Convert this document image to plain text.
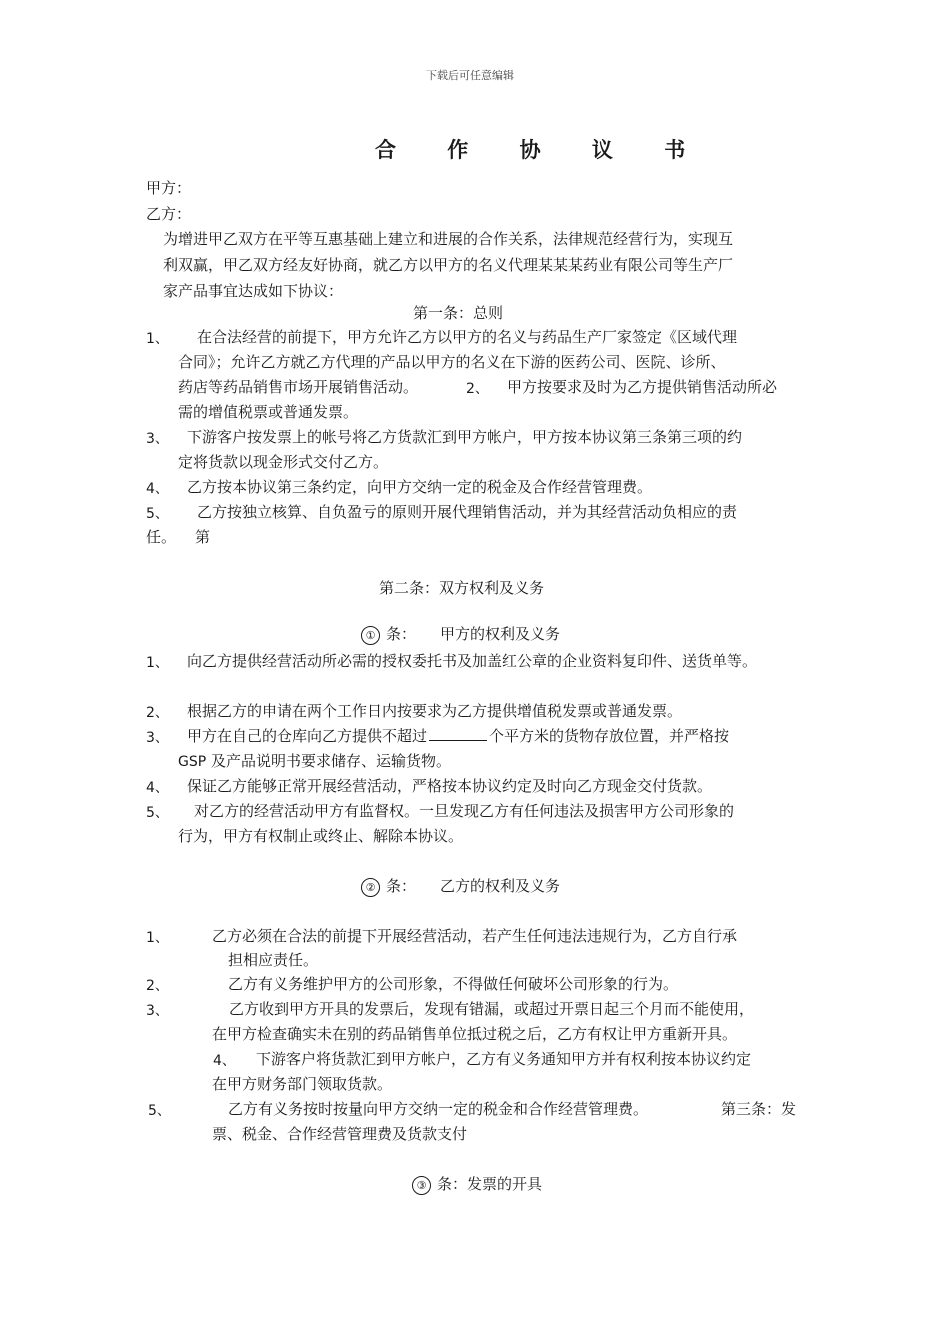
下载后可任意编辑
合 作 协 议 书
甲方：
乙方：
为增进甲乙双方在平等互惠基础上建立和进展的合作关系，法律规范经营行为，实现互
利双赢，甲乙双方经友好协商，就乙方以甲方的名义代理某某某药业有限公司等生产厂
家产品事宜达成如下协议：
第一条：总则
1、 在合法经营的前提下，甲方允许乙方以甲方的名义与药品生产厂家签定《区域代理
合同》；允许乙方就乙方代理的产品以甲方的名义在下游的医药公司、医院、诊所、
药店等药品销售市场开展销售活动。	2、 甲方按要求及时为乙方提供销售活动所必
需的增值税票或普通发票。
3、 下游客户按发票上的帐号将乙方货款汇到甲方帐户，甲方按本协议第三条第三项的约
定将货款以现金形式交付乙方。
4、 乙方按本协议第三条约定，向甲方交纳一定的税金及合作经营管理费。
5、 乙方按独立核算、自负盈亏的原则开展代理销售活动，并为其经营活动负相应的责
任。 第
第二条：双方权利及义务
① 条： 甲方的权利及义务
1、 向乙方提供经营活动所必需的授权委托书及加盖红公章的企业资料复印件、送货单等。
2、 根据乙方的申请在两个工作日内按要求为乙方提供增值税发票或普通发票。
3、 甲方在自己的仓库向乙方提供不超过	个平方米的货物存放位置，并严格按
GSP 及产品说明书要求储存、运输货物。
4、 保证乙方能够正常开展经营活动，严格按本协议约定及时向乙方现金交付货款。
5、 对乙方的经营活动甲方有监督权。一旦发现乙方有任何违法及损害甲方公司形象的
行为，甲方有权制止或终止、解除本协议。
② 条： 乙方的权利及义务
1、	乙方必须在合法的前提下开展经营活动，若产生任何违法违规行为，乙方自行承
担相应责任。
2、	乙方有义务维护甲方的公司形象，不得做任何破坏公司形象的行为。
3、	乙方收到甲方开具的发票后，发现有错漏，或超过开票日起三个月而不能使用，
在甲方检查确实未在别的药品销售单位抵过税之后，乙方有权让甲方重新开具。
4、 下游客户将货款汇到甲方帐户，乙方有义务通知甲方并有权利按本协议约定
在甲方财务部门领取货款。
5、	乙方有义务按时按量向甲方交纳一定的税金和合作经营管理费。	第三条：发
票、税金、合作经营管理费及货款支付
③ 条：发票的开具
